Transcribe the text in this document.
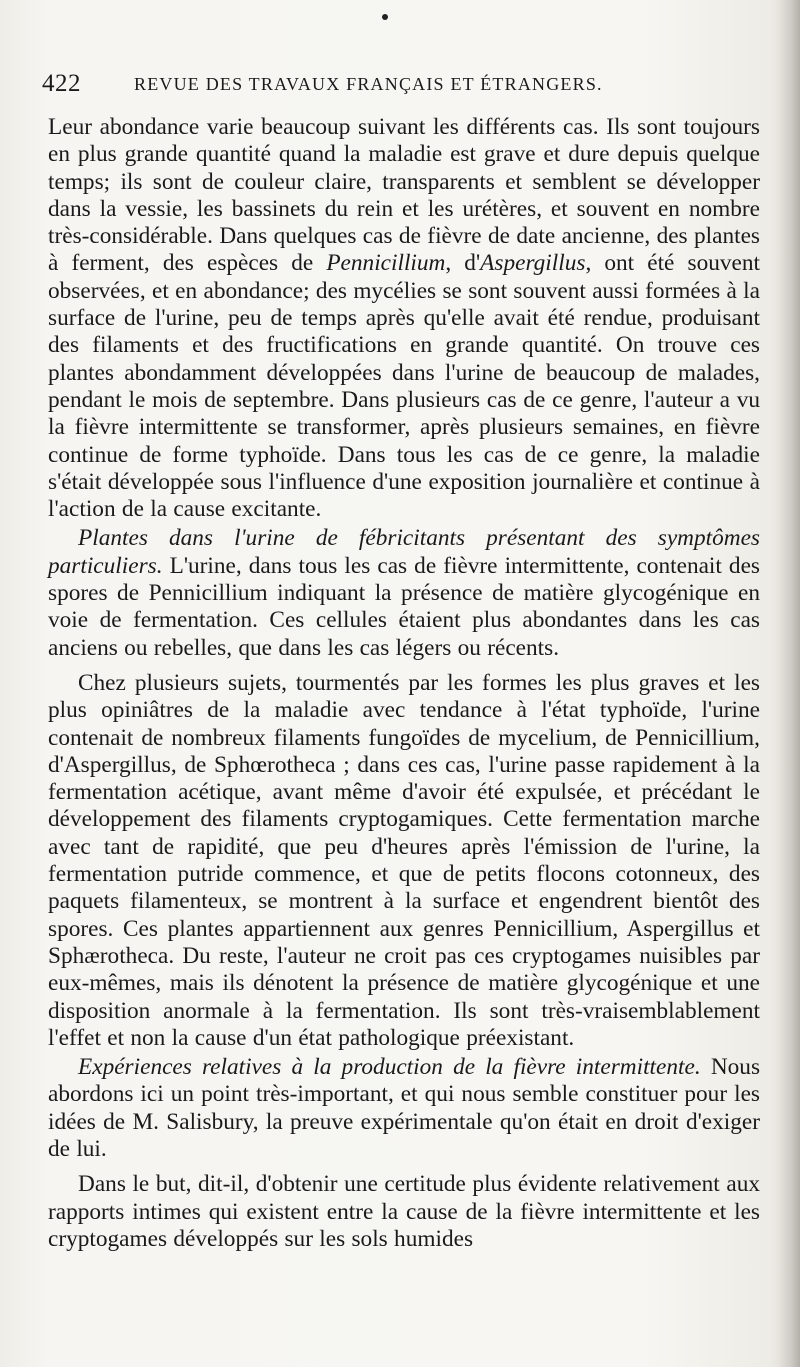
422	REVUE DES TRAVAUX FRANÇAIS ET ÉTRANGERS.

Leur abondance varie beaucoup suivant les différents cas. Ils sont toujours en plus grande quantité quand la maladie est grave et dure depuis quelque temps; ils sont de couleur claire, transparents et semblent se développer dans la vessie, les bassinets du rein et les urétères, et souvent en nombre très-considérable. Dans quelques cas de fièvre de date ancienne, des plantes à ferment, des espèces de Pennicillium, d'Aspergillus, ont été souvent observées, et en abondance; des mycélies se sont souvent aussi formées à la surface de l'urine, peu de temps après qu'elle avait été rendue, produisant des filaments et des fructifications en grande quantité. On trouve ces plantes abondamment développées dans l'urine de beaucoup de malades, pendant le mois de septembre. Dans plusieurs cas de ce genre, l'auteur a vu la fièvre intermittente se transformer, après plusieurs semaines, en fièvre continue de forme typhoïde. Dans tous les cas de ce genre, la maladie s'était développée sous l'influence d'une exposition journalière et continue à l'action de la cause excitante.

Plantes dans l'urine de fébricitants présentant des symptômes particuliers. L'urine, dans tous les cas de fièvre intermittente, contenait des spores de Pennicillium indiquant la présence de matière glycogénique en voie de fermentation. Ces cellules étaient plus abondantes dans les cas anciens ou rebelles, que dans les cas légers ou récents.

Chez plusieurs sujets, tourmentés par les formes les plus graves et les plus opiniâtres de la maladie avec tendance à l'état typhoïde, l'urine contenait de nombreux filaments fungoïdes de mycelium, de Pennicillium, d'Aspergillus, de Sphœrotheca ; dans ces cas, l'urine passe rapidement à la fermentation acétique, avant même d'avoir été expulsée, et précédant le développement des filaments cryptogamiques. Cette fermentation marche avec tant de rapidité, que peu d'heures après l'émission de l'urine, la fermentation putride commence, et que de petits flocons cotonneux, des paquets filamenteux, se montrent à la surface et engendrent bientôt des spores. Ces plantes appartiennent aux genres Pennicillium, Aspergillus et Sphærotheca. Du reste, l'auteur ne croit pas ces cryptogames nuisibles par eux-mêmes, mais ils dénotent la présence de matière glycogénique et une disposition anormale à la fermentation. Ils sont très-vraisemblablement l'effet et non la cause d'un état pathologique préexistant.

Expériences relatives à la production de la fièvre intermittente. Nous abordons ici un point très-important, et qui nous semble constituer pour les idées de M. Salisbury, la preuve expérimentale qu'on était en droit d'exiger de lui.

Dans le but, dit-il, d'obtenir une certitude plus évidente relativement aux rapports intimes qui existent entre la cause de la fièvre intermittente et les cryptogames développés sur les sols humides
